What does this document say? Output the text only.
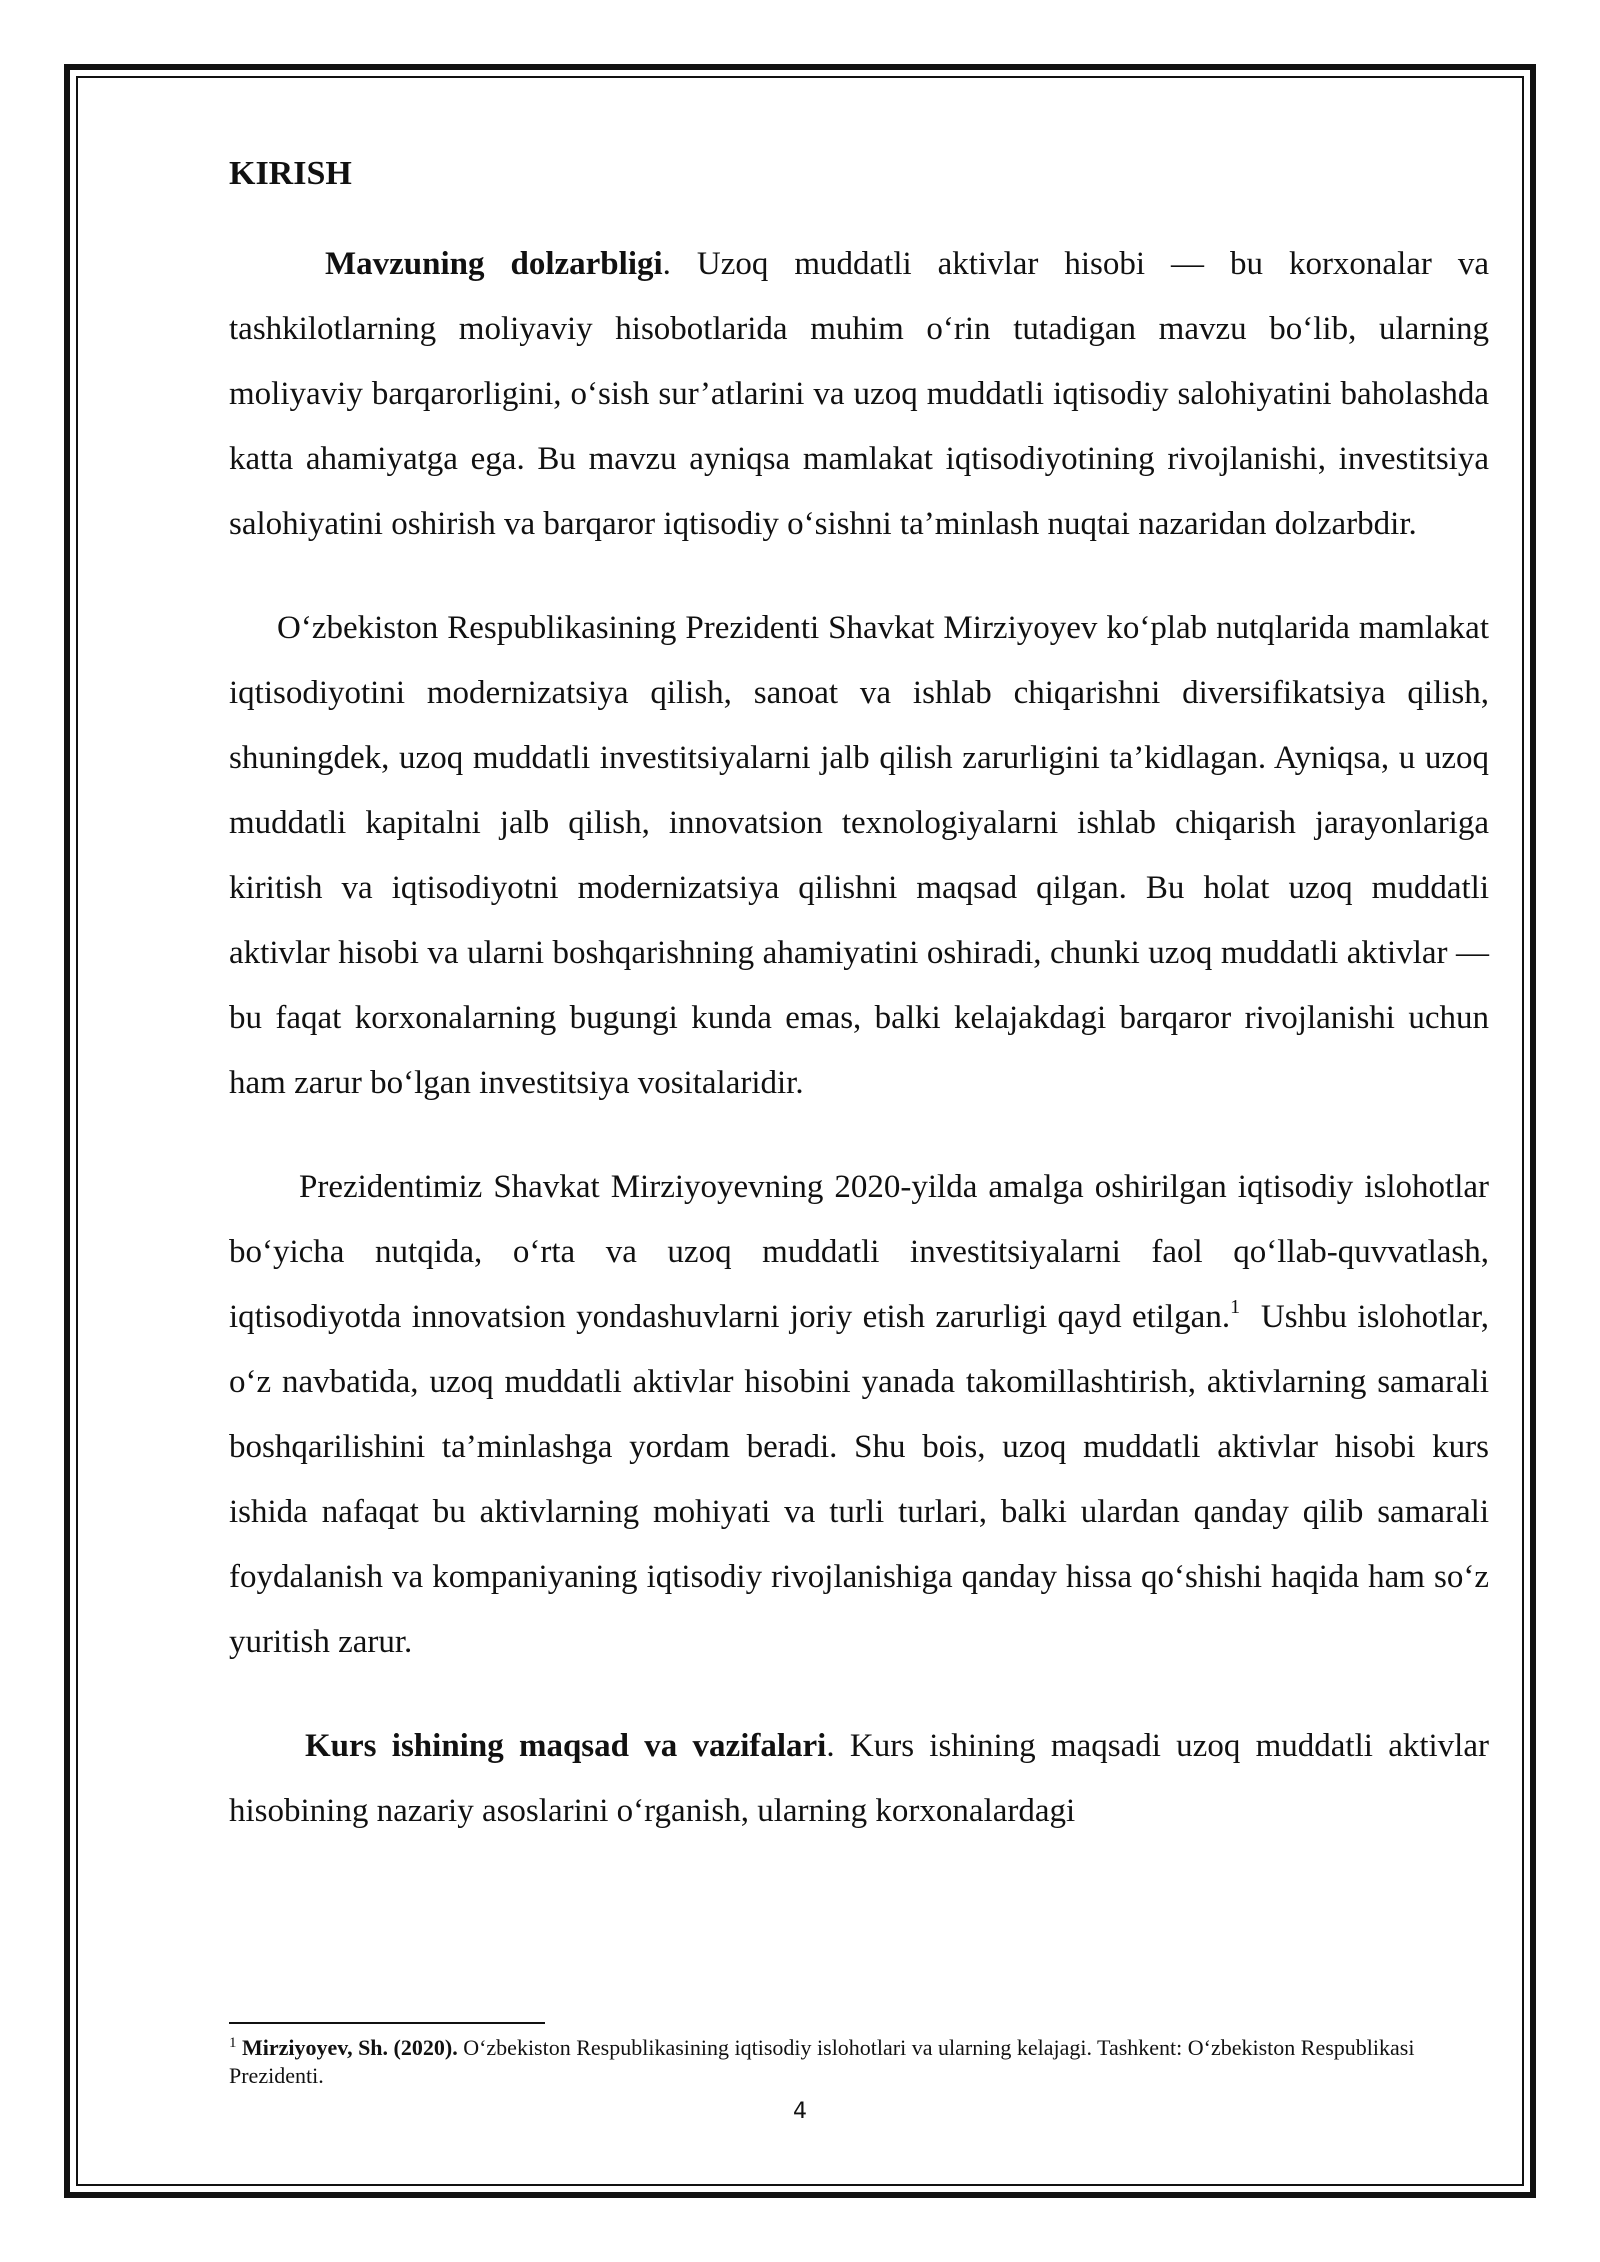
KIRISH

Mavzuning dolzarbligi. Uzoq muddatli aktivlar hisobi — bu korxonalar va tashkilotlarning moliyaviy hisobotlarida muhim o‘rin tutadigan mavzu bo‘lib, ularning moliyaviy barqarorligini, o‘sish sur’atlarini va uzoq muddatli iqtisodiy salohiyatini baholashda katta ahamiyatga ega. Bu mavzu ayniqsa mamlakat iqtisodiyotining rivojlanishi, investitsiya salohiyatini oshirish va barqaror iqtisodiy o‘sishni ta’minlash nuqtai nazaridan dolzarbdir.

O‘zbekiston Respublikasining Prezidenti Shavkat Mirziyoyev ko‘plab nutqlarida mamlakat iqtisodiyotini modernizatsiya qilish, sanoat va ishlab chiqarishni diversifikatsiya qilish, shuningdek, uzoq muddatli investitsiyalarni jalb qilish zarurligini ta’kidlagan. Ayniqsa, u uzoq muddatli kapitalni jalb qilish, innovatsion texnologiyalarni ishlab chiqarish jarayonlariga kiritish va iqtisodiyotni modernizatsiya qilishni maqsad qilgan. Bu holat uzoq muddatli aktivlar hisobi va ularni boshqarishning ahamiyatini oshiradi, chunki uzoq muddatli aktivlar — bu faqat korxonalarning bugungi kunda emas, balki kelajakdagi barqaror rivojlanishi uchun ham zarur bo‘lgan investitsiya vositalaridir.

Prezidentimiz Shavkat Mirziyoyevning 2020-yilda amalga oshirilgan iqtisodiy islohotlar bo‘yicha nutqida, o‘rta va uzoq muddatli investitsiyalarni faol qo‘llab-quvvatlash, iqtisodiyotda innovatsion yondashuvlarni joriy etish zarurligi qayd etilgan.$^1$  Ushbu islohotlar, o‘z navbatida, uzoq muddatli aktivlar hisobini yanada takomillashtirish, aktivlarning samarali boshqarilishini ta’minlashga yordam beradi. Shu bois, uzoq muddatli aktivlar hisobi kurs ishida nafaqat bu aktivlarning mohiyati va turli turlari, balki ulardan qanday qilib samarali foydalanish va kompaniyaning iqtisodiy rivojlanishiga qanday hissa qo‘shishi haqida ham so‘z yuritish zarur.

Kurs ishining maqsad va vazifalari. Kurs ishining maqsadi uzoq muddatli aktivlar hisobining nazariy asoslarini o‘rganish, ularning korxonalardagi

$^1$ Mirziyoyev, Sh. (2020). O‘zbekiston Respublikasining iqtisodiy islohotlari va ularning kelajagi. Tashkent: O‘zbekiston Respublikasi Prezidenti.
4
